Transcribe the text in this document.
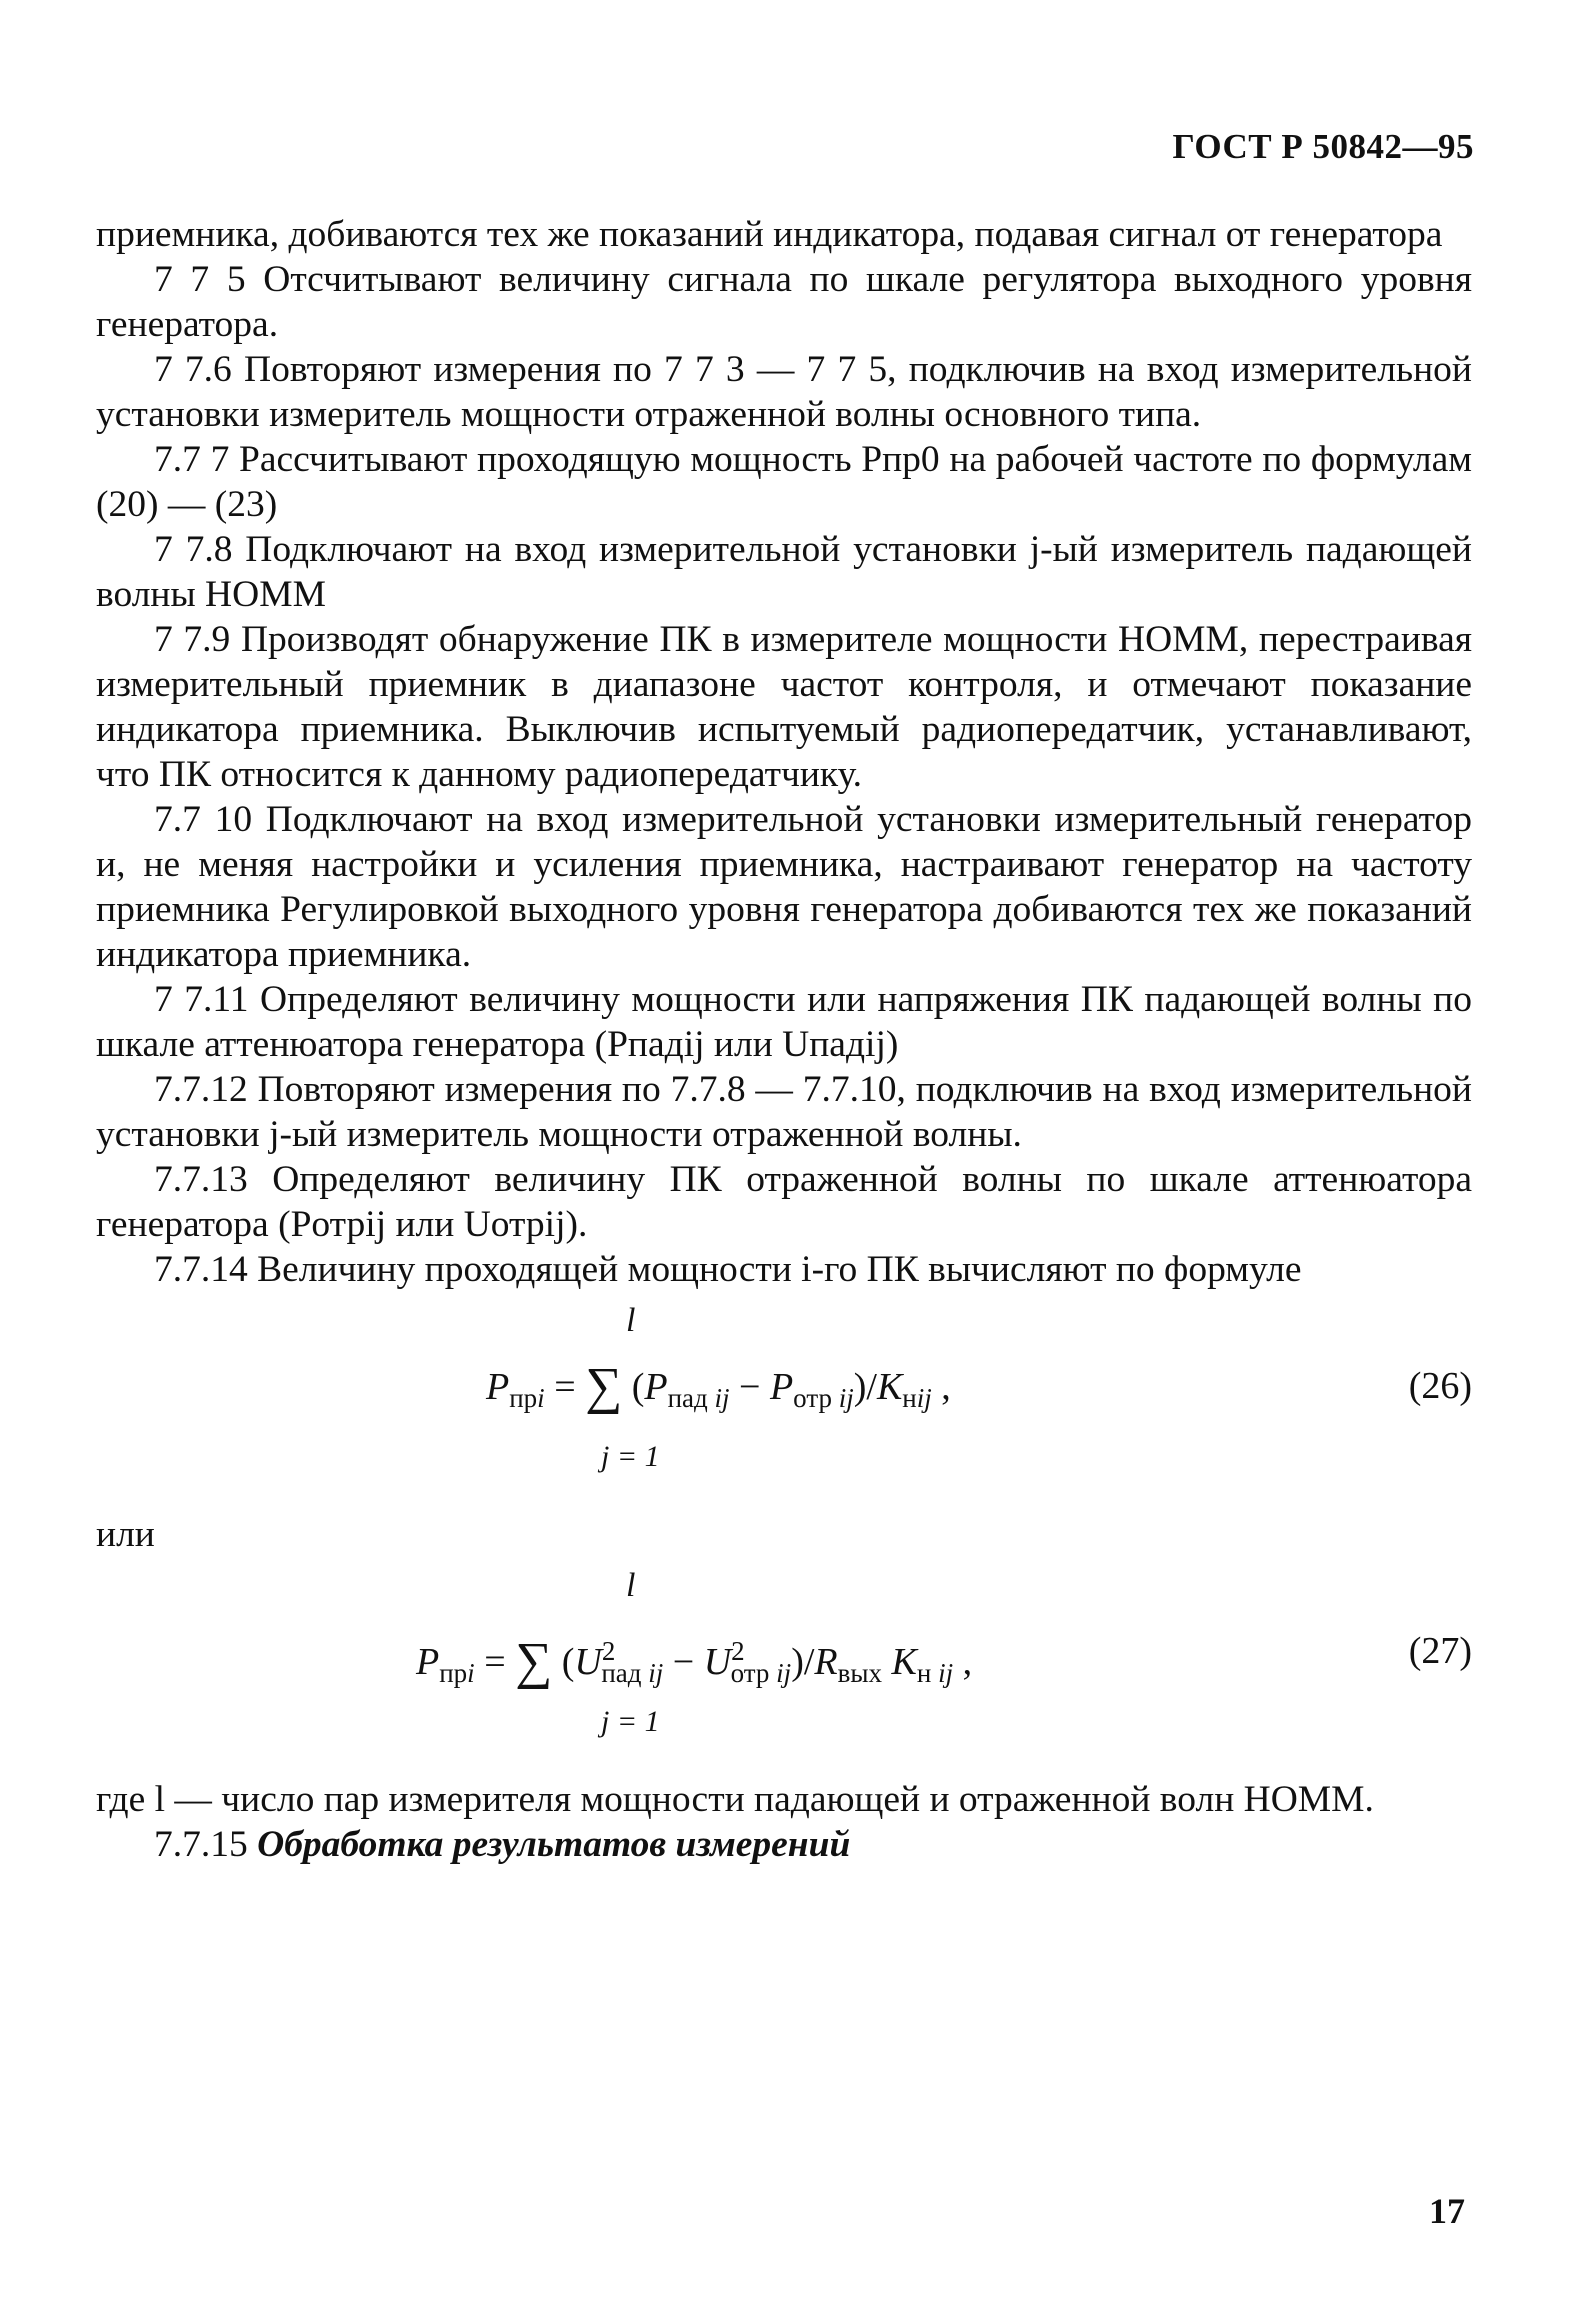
ГОСТ Р 50842—95

приемника, добиваются тех же показаний индикатора, подавая сигнал от генератора

7 7 5 Отсчитывают величину сигнала по шкале регулятора выходного уровня генератора.

7 7.6 Повторяют измерения по 7 7 3 — 7 7 5, подключив на вход измерительной установки измеритель мощности отраженной волны основного типа.

7.7 7 Рассчитывают проходящую мощность Pпр0 на рабочей частоте по формулам (20) — (23)

7 7.8 Подключают на вход измерительной установки j-ый измеритель падающей волны НОММ

7 7.9 Производят обнаружение ПК в измерителе мощности НОММ, перестраивая измерительный приемник в диапазоне частот контроля, и отмечают показание индикатора приемника. Выключив испытуемый радиопередатчик, устанавливают, что ПК относится к данному радиопередатчику.

7.7 10 Подключают на вход измерительной установки измерительный генератор и, не меняя настройки и усиления приемника, настраивают генератор на частоту приемника Регулировкой выходного уровня генератора добиваются тех же показаний индикатора приемника.

7 7.11 Определяют величину мощности или напряжения ПК падающей волны по шкале аттенюатора генератора (Pпадij или Uпадij)

7.7.12 Повторяют измерения по 7.7.8 — 7.7.10, подключив на вход измерительной установки j-ый измеритель мощности отраженной волны.

7.7.13 Определяют величину ПК отраженной волны по шкале аттенюатора генератора (Pотрij или Uотрij).

7.7.14 Величину проходящей мощности i-го ПК вычисляют по формуле

l
$P_{прi}$ = ∑ $(P_{пад ij} - P_{отр ij})/K_{нij}$ ,
j = 1
(26)

или

l
$P_{прi}$ = ∑ $(U^2_{пад ij} - U^2_{отр ij})/R_{вых}$ $K_{н ij}$ ,
j = 1
(27)

где l — число пар измерителя мощности падающей и отраженной волн НОММ.

7.7.15 Обработка результатов измерений

17
